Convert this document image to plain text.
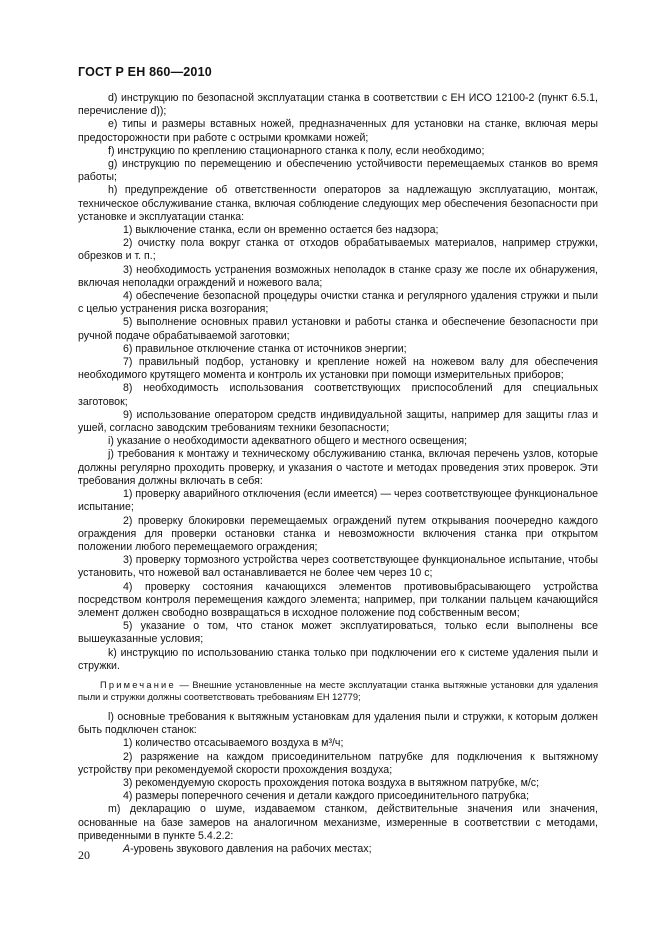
ГОСТ Р ЕН 860—2010

d) инструкцию по безопасной эксплуатации станка в соответствии с ЕН ИСО 12100-2 (пункт 6.5.1, перечисление d));

e) типы и размеры вставных ножей, предназначенных для установки на станке, включая меры предосторожности при работе с острыми кромками ножей;

f) инструкцию по креплению стационарного станка к полу, если необходимо;

g) инструкцию по перемещению и обеспечению устойчивости перемещаемых станков во время работы;

h) предупреждение об ответственности операторов за надлежащую эксплуатацию, монтаж, техническое обслуживание станка, включая соблюдение следующих мер обеспечения безопасности при установке и эксплуатации станка:

1) выключение станка, если он временно остается без надзора;

2) очистку пола вокруг станка от отходов обрабатываемых материалов, например стружки, обрезков и т. п.;

3) необходимость устранения возможных неполадок в станке сразу же после их обнаружения, включая неполадки ограждений и ножевого вала;

4) обеспечение безопасной процедуры очистки станка и регулярного удаления стружки и пыли с целью устранения риска возгорания;

5) выполнение основных правил установки и работы станка и обеспечение безопасности при ручной подаче обрабатываемой заготовки;

6) правильное отключение станка от источников энергии;

7) правильный подбор, установку и крепление ножей на ножевом валу для обеспечения необходимого крутящего момента и контроль их установки при помощи измерительных приборов;

8) необходимость использования соответствующих приспособлений для специальных заготовок;

9) использование оператором средств индивидуальной защиты, например для защиты глаз и ушей, согласно заводским требованиям техники безопасности;

i) указание о необходимости адекватного общего и местного освещения;

j) требования к монтажу и техническому обслуживанию станка, включая перечень узлов, которые должны регулярно проходить проверку, и указания о частоте и методах проведения этих проверок. Эти требования должны включать в себя:

1) проверку аварийного отключения (если имеется) — через соответствующее функциональное испытание;

2) проверку блокировки перемещаемых ограждений путем открывания поочередно каждого ограждения для проверки остановки станка и невозможности включения станка при открытом положении любого перемещаемого ограждения;

3) проверку тормозного устройства через соответствующее функциональное испытание, чтобы установить, что ножевой вал останавливается не более чем через 10 с;

4) проверку состояния качающихся элементов противовыбрасывающего устройства посредством контроля перемещения каждого элемента; например, при толкании пальцем качающийся элемент должен свободно возвращаться в исходное положение под собственным весом;

5) указание о том, что станок может эксплуатироваться, только если выполнены все вышеуказанные условия;

k) инструкцию по использованию станка только при подключении его к системе удаления пыли и стружки.

Примечание — Внешние установленные на месте эксплуатации станка вытяжные установки для удаления пыли и стружки должны соответствовать требованиям ЕН 12779;

l) основные требования к вытяжным установкам для удаления пыли и стружки, к которым должен быть подключен станок:

1) количество отсасываемого воздуха в м³/ч;

2) разряжение на каждом присоединительном патрубке для подключения к вытяжному устройству при рекомендуемой скорости прохождения воздуха;

3) рекомендуемую скорость прохождения потока воздуха в вытяжном патрубке, м/с;

4) размеры поперечного сечения и детали каждого присоединительного патрубка;

m) декларацию о шуме, издаваемом станком, действительные значения или значения, основанные на базе замеров на аналогичном механизме, измеренные в соответствии с методами, приведенными в пункте 5.4.2.2:

А-уровень звукового давления на рабочих местах;

20
